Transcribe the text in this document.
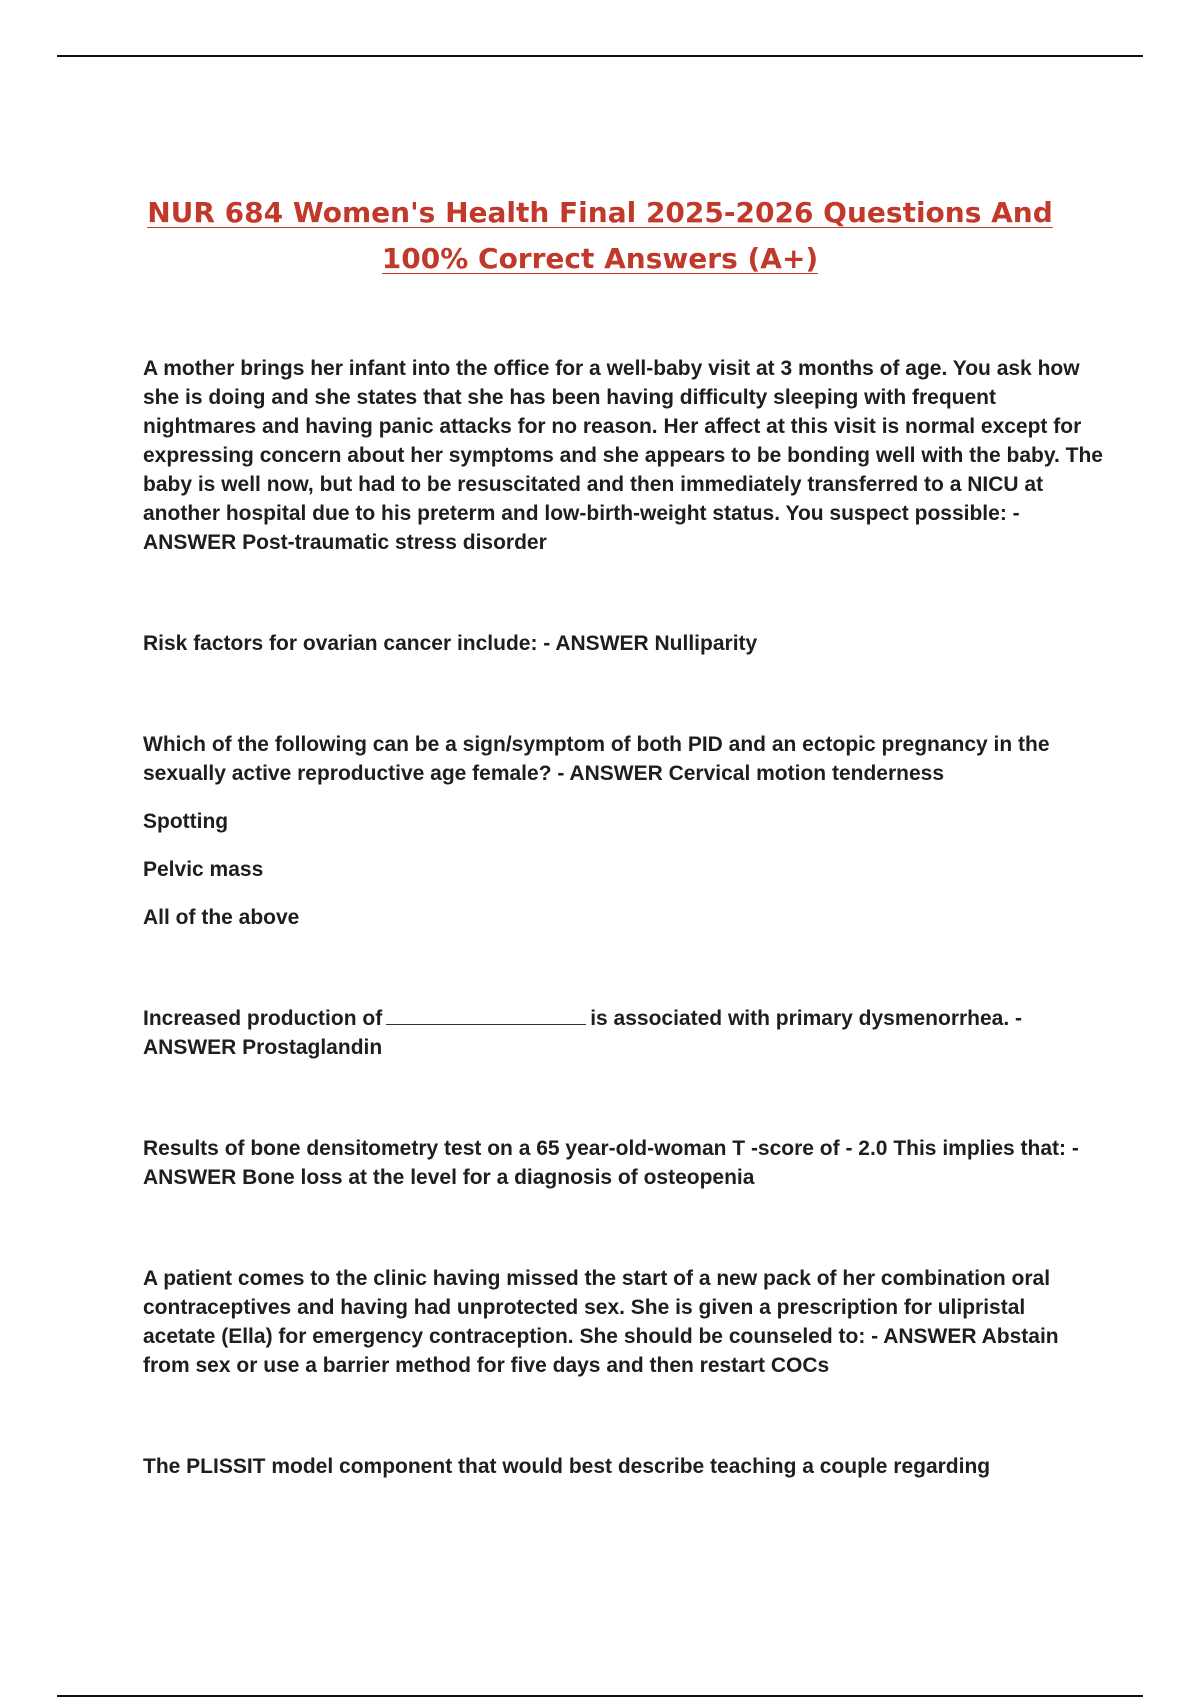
NUR 684 Women's Health Final 2025-2026 Questions And
100% Correct Answers (A+)

A mother brings her infant into the office for a well-baby visit at 3 months of age. You ask how she is doing and she states that she has been having difficulty sleeping with frequent nightmares and having panic attacks for no reason. Her affect at this visit is normal except for expressing concern about her symptoms and she appears to be bonding well with the baby. The baby is well now, but had to be resuscitated and then immediately transferred to a NICU at another hospital due to his preterm and low-birth-weight status. You suspect possible: - ANSWER Post-traumatic stress disorder

Risk factors for ovarian cancer include: - ANSWER Nulliparity

Which of the following can be a sign/symptom of both PID and an ectopic pregnancy in the sexually active reproductive age female? - ANSWER Cervical motion tenderness

Spotting

Pelvic mass

All of the above

Increased production of	is associated with primary dysmenorrhea. - ANSWER Prostaglandin

Results of bone densitometry test on a 65 year-old-woman T -score of - 2.0 This implies that: - ANSWER Bone loss at the level for a diagnosis of osteopenia

A patient comes to the clinic having missed the start of a new pack of her combination oral contraceptives and having had unprotected sex. She is given a prescription for ulipristal acetate (Ella) for emergency contraception. She should be counseled to: - ANSWER Abstain from sex or use a barrier method for five days and then restart COCs

The PLISSIT model component that would best describe teaching a couple regarding
